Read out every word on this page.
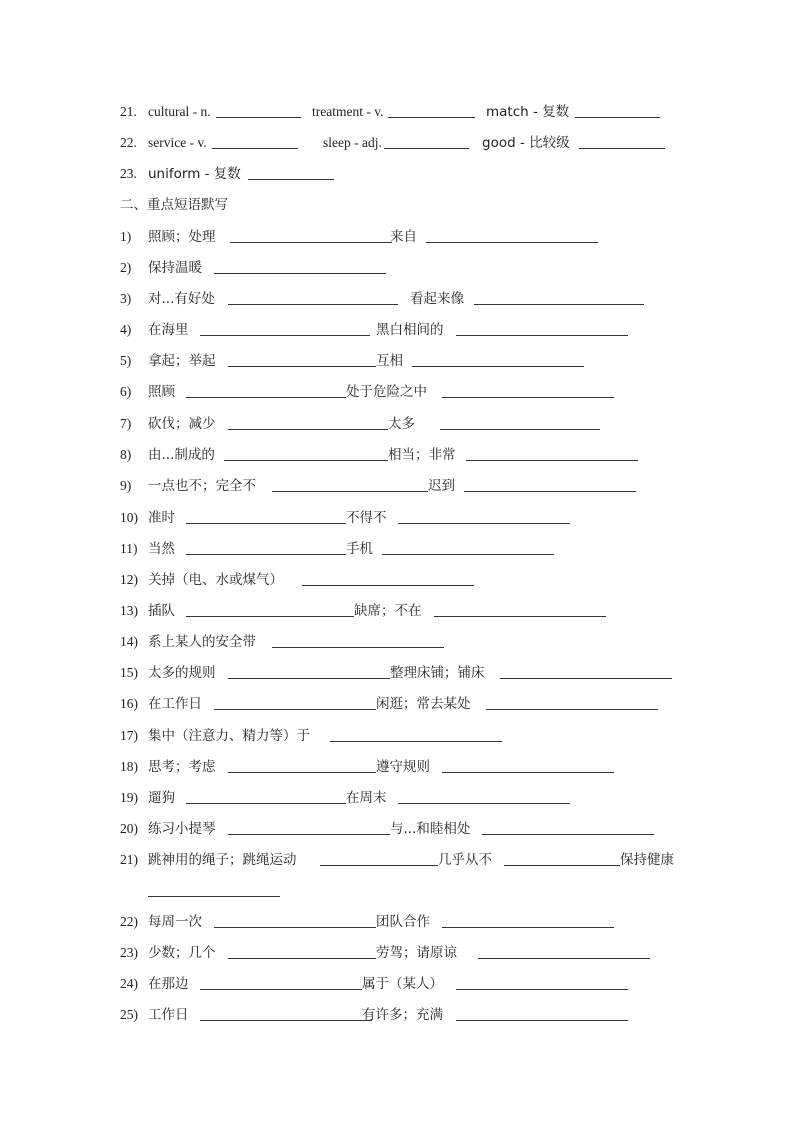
21. cultural - n.	treatment - v.	match - 复数
22. service - v.	sleep - adj.	good - 比较级
23. uniform - 复数
二、重点短语默写
1) 照顾；处理	来自
2) 保持温暖
3) 对...有好处	看起来像
4) 在海里	黑白相间的
5) 拿起；举起	互相
6) 照顾	处于危险之中
7) 砍伐；减少	太多
8) 由...制成的	相当；非常
9) 一点也不；完全不	迟到
10) 准时	不得不
11) 当然	手机
12) 关掉（电、水或煤气）
13) 插队	缺席；不在
14) 系上某人的安全带
15) 太多的规则	整理床铺；铺床
16) 在工作日	闲逛；常去某处
17) 集中（注意力、精力等）于
18) 思考；考虑	遵守规则
19) 遛狗	在周末
20) 练习小提琴	与...和睦相处
21) 跳神用的绳子；跳绳运动	几乎从不	保持健康
22) 每周一次	团队合作
23) 少数；几个	劳驾；请原谅
24) 在那边	属于（某人）
25) 工作日	有许多；充满
